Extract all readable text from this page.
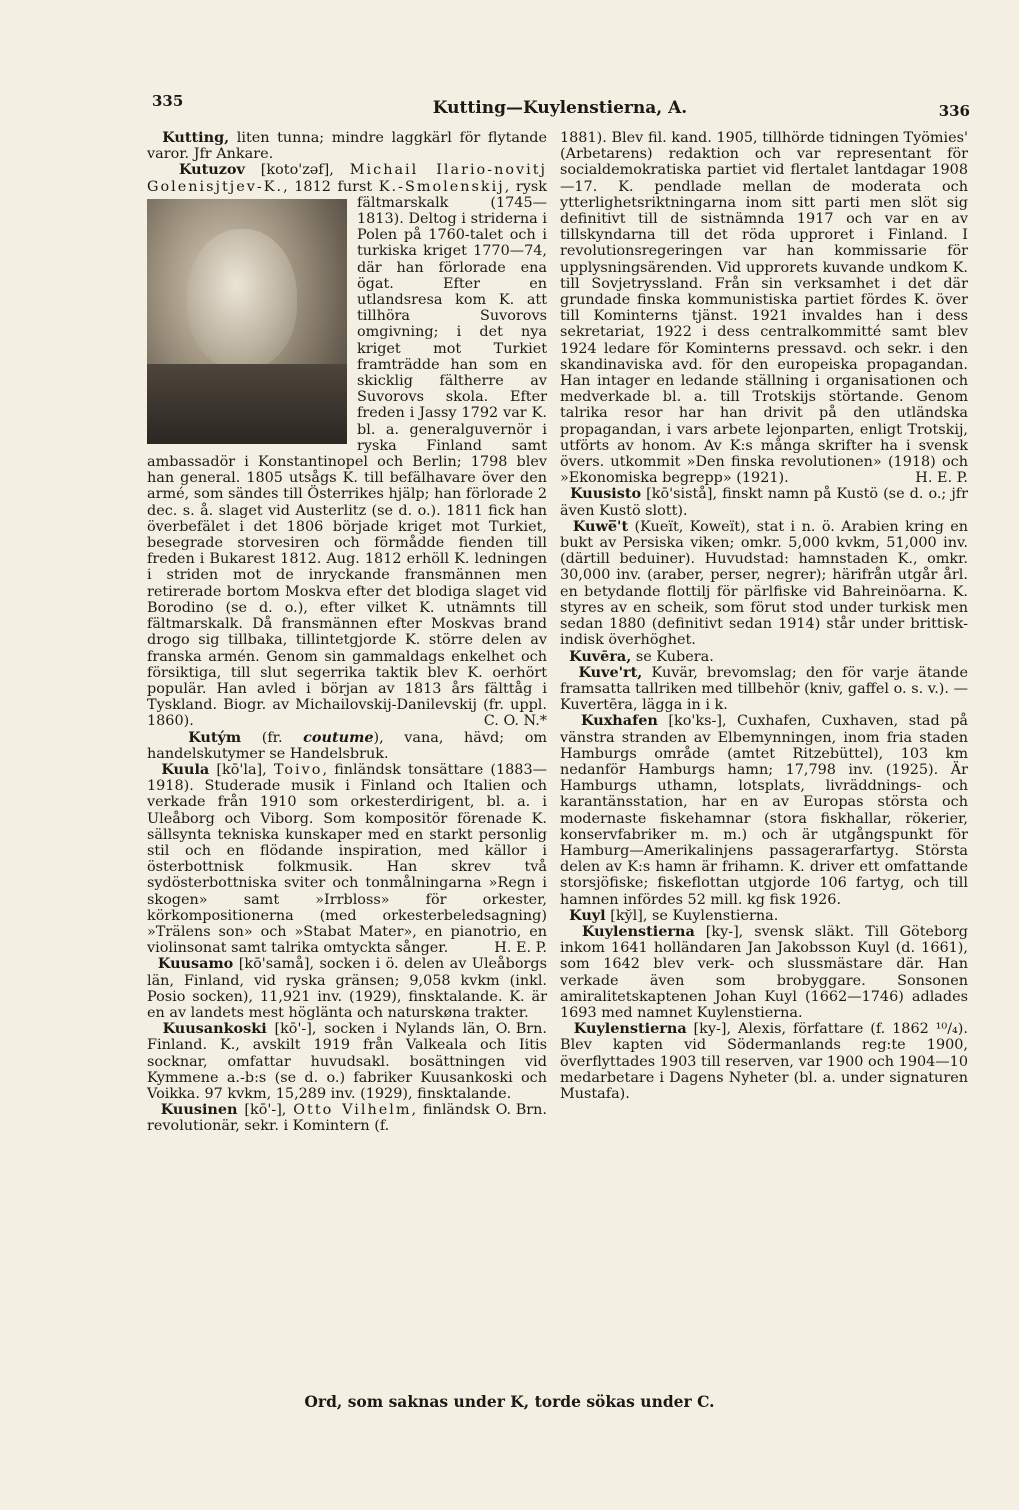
335	Kutting—Kuylenstierna, A.	336

Kutting, liten tunna; mindre laggkärl för flytande varor. Jfr Ankare.

Kutuzov [koto'zəf], Michail Ilario-novitj Golenisjtjev-K., 1812 furst K.-Smolenskij
, rysk fältmarskalk (1745—1813). Deltog i striderna i Polen på 1760-talet och i turkiska kriget 1770—74, där han förlorade ena ögat. Efter en utlandsresa kom K. att tillhöra Suvorovs omgivning; i det nya kriget mot Turkiet framträdde han som en skicklig fältherre av Suvorovs skola. Efter freden i Jassy 1792 var K. bl. a. generalguvernör i ryska Finland samt ambassadör i Konstantinopel och Berlin; 1798 blev han general. 1805 utsågs K. till befälhavare över den armé, som sändes till Österrikes hjälp; han förlorade 2 dec. s. å. slaget vid Austerlitz (se d. o.). 1811 fick han överbefälet i det 1806 började kriget mot Turkiet, besegrade storvesiren och förmådde fienden till freden i Bukarest 1812. Aug. 1812 erhöll K. ledningen i striden mot de inryckande fransmännen men retirerade bortom Moskva efter det blodiga slaget vid Borodino (se d. o.), efter vilket K. utnämnts till fältmarskalk. Då fransmännen efter Moskvas brand drogo sig tillbaka, tillintetgjorde K. större delen av franska armén. Genom sin gammaldags enkelhet och försiktiga, till slut segerrika taktik blev K. oerhört populär. Han avled i början av 1813 års fälttåg i Tyskland. Biogr. av Michailovskij-Danilevskij (fr. uppl. 1860).	C. O. N.*

Kutým (fr. coutume), vana, hävd; om handelskutymer se Handelsbruk.

Kuula [kō'la], Toivo, finländsk tonsättare (1883—1918). Studerade musik i Finland och Italien och verkade från 1910 som orkesterdirigent, bl. a. i Uleåborg och Viborg. Som kompositör förenade K. sällsynta tekniska kunskaper med en starkt personlig stil och en flödande inspiration, med källor i österbottnisk folkmusik. Han skrev två sydösterbottniska sviter och tonmålningarna »Regn i skogen» samt »Irrbloss» för orkester, körkompositionerna (med orkesterbeledsagning) »Trälens son» och »Stabat Mater», en pianotrio, en violinsonat samt talrika omtyckta sånger.	H. E. P.

Kuusamo [kō'samå], socken i ö. delen av Uleåborgs län, Finland, vid ryska gränsen; 9,058 kvkm (inkl. Posio socken), 11,921 inv. (1929), finsktalande. K. är en av landets mest höglänta och naturskøna trakter.
O. Brn.

Kuusankoski [kō'-], socken i Nylands län, Finland. K., avskilt 1919 från Valkeala och Iitis socknar, omfattar huvudsakl. bosättningen vid Kymmene a.-b:s (se d. o.) fabriker Kuusankoski och Voikka. 97 kvkm, 15,289 inv. (1929), finsktalande.
O. Brn.

Kuusinen [kō'-], Otto Vilhelm, finländsk revolutionär, sekr. i Komintern (f.

1881). Blev fil. kand. 1905, tillhörde tidningen Työmies' (Arbetarens) redaktion och var representant för socialdemokratiska partiet vid flertalet lantdagar 1908—17. K. pendlade mellan de moderata och ytterlighetsriktningarna inom sitt parti men slöt sig definitivt till de sistnämnda 1917 och var en av tillskyndarna till det röda upproret i Finland. I revolutionsregeringen var han kommissarie för upplysningsärenden. Vid upprorets kuvande undkom K. till Sovjetryssland. Från sin verksamhet i det där grundade finska kommunistiska partiet fördes K. över till Kominterns tjänst. 1921 invaldes han i dess sekretariat, 1922 i dess centralkommitté samt blev 1924 ledare för Kominterns pressavd. och sekr. i den skandinaviska avd. för den europeiska propagandan. Han intager en ledande ställning i organisationen och medverkade bl. a. till Trotskijs störtande. Genom talrika resor har han drivit på den utländska propagandan, i vars arbete lejonparten, enligt Trotskij, utförts av honom. Av K:s många skrifter ha i svensk övers. utkommit »Den finska revolutionen» (1918) och »Ekonomiska begrepp» (1921).	H. E. P.

Kuusisto [kō'sistå], finskt namn på Kustö (se d. o.; jfr även Kustö slott).

Kuwe̅'t (Kueït, Koweït), stat i n. ö. Arabien kring en bukt av Persiska viken; omkr. 5,000 kvkm, 51,000 inv. (därtill beduiner). Huvudstad: hamnstaden K., omkr. 30,000 inv. (araber, perser, negrer); härifrån utgår årl. en betydande flottilj för pärlfiske vid Bahreinöarna. K. styres av en scheik, som förut stod under turkisk men sedan 1880 (definitivt sedan 1914) står under brittisk-indisk överhöghet.

Kuvēra, se Kubera.

Kuve'rt, Kuvär, brevomslag; den för varje ätande framsatta tallriken med tillbehör (kniv, gaffel o. s. v.). — Kuvertēra, lägga in i k.

Kuxhafen [ko'ks-], Cuxhafen, Cuxhaven, stad på vänstra stranden av Elbemynningen, inom fria staden Hamburgs område (amtet Ritzebüttel), 103 km nedanför Hamburgs hamn; 17,798 inv. (1925). Är Hamburgs uthamn, lotsplats, livräddnings- och karantänsstation, har en av Europas största och modernaste fiskehamnar (stora fiskhallar, rökerier, konservfabriker m. m.) och är utgångspunkt för Hamburg—Amerikalinjens passagerarfartyg. Största delen av K:s hamn är frihamn. K. driver ett omfattande storsjöfiske; fiskeflottan utgjorde 106 fartyg, och till hamnen infördes 52 mill. kg fisk 1926.

Kuyl [ky̆l], se Kuylenstierna.

Kuylenstierna [ky-], svensk släkt. Till Göteborg inkom 1641 holländaren Jan Jakobsson Kuyl (d. 1661), som 1642 blev verk- och slussmästare där. Han verkade även som brobyggare. Sonsonen amiralitetskaptenen Johan Kuyl (1662—1746) adlades 1693 med namnet Kuylenstierna.

Kuylenstierna [ky-], Alexis, författare (f. 1862 ¹⁰/₄). Blev kapten vid Södermanlands reg:te 1900, överflyttades 1903 till reserven, var 1900 och 1904—10 medarbetare i Dagens Nyheter (bl. a. under signaturen Mustafa).

Ord, som saknas under K, torde sökas under C.
